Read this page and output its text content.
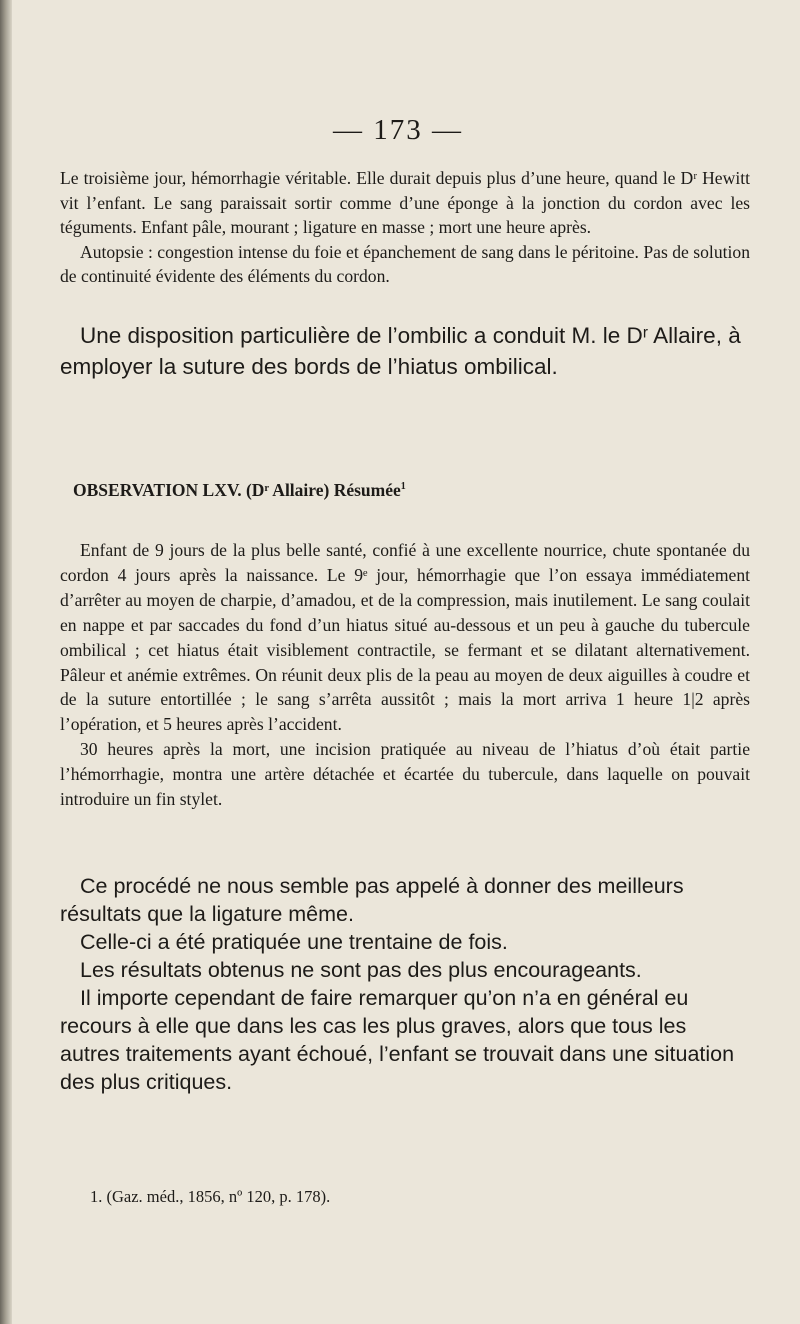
— 173 —

Le troisième jour, hémorrhagie véritable. Elle durait depuis plus d’une heure, quand le Dʳ Hewitt vit l’enfant. Le sang paraissait sortir comme d’une éponge à la jonction du cordon avec les téguments. Enfant pâle, mourant ; ligature en masse ; mort une heure après.

Autopsie : congestion intense du foie et épanchement de sang dans le péritoine. Pas de solution de continuité évidente des éléments du cordon.

Une disposition particulière de l’ombilic a conduit M. le Dʳ Allaire, à employer la suture des bords de l’hiatus ombilical.

OBSERVATION LXV. (Dʳ Allaire) Résumée$^1$

Enfant de 9 jours de la plus belle santé, confié à une excellente nourrice, chute spontanée du cordon 4 jours après la naissance. Le 9ᵉ jour, hémorrhagie que l’on essaya immédiatement d’arrêter au moyen de charpie, d’amadou, et de la compression, mais inutilement. Le sang coulait en nappe et par saccades du fond d’un hiatus situé au-dessous et un peu à gauche du tubercule ombilical ; cet hiatus était visiblement contractile, se fermant et se dilatant alternativement. Pâleur et anémie extrêmes. On réunit deux plis de la peau au moyen de deux aiguilles à coudre et de la suture entortillée ; le sang s’arrêta aussitôt ; mais la mort arriva 1 heure 1|2 après l’opération, et 5 heures après l’accident.

30 heures après la mort, une incision pratiquée au niveau de l’hiatus d’où était partie l’hémorrhagie, montra une artère détachée et écartée du tubercule, dans laquelle on pouvait introduire un fin stylet.

Ce procédé ne nous semble pas appelé à donner des meilleurs résultats que la ligature même.

Celle-ci a été pratiquée une trentaine de fois.

Les résultats obtenus ne sont pas des plus encourageants.

Il importe cependant de faire remarquer qu’on n’a en général eu recours à elle que dans les cas les plus graves, alors que tous les autres traitements ayant échoué, l’enfant se trouvait dans une situation des plus critiques.

1. (Gaz. méd., 1856, nº 120, p. 178).
